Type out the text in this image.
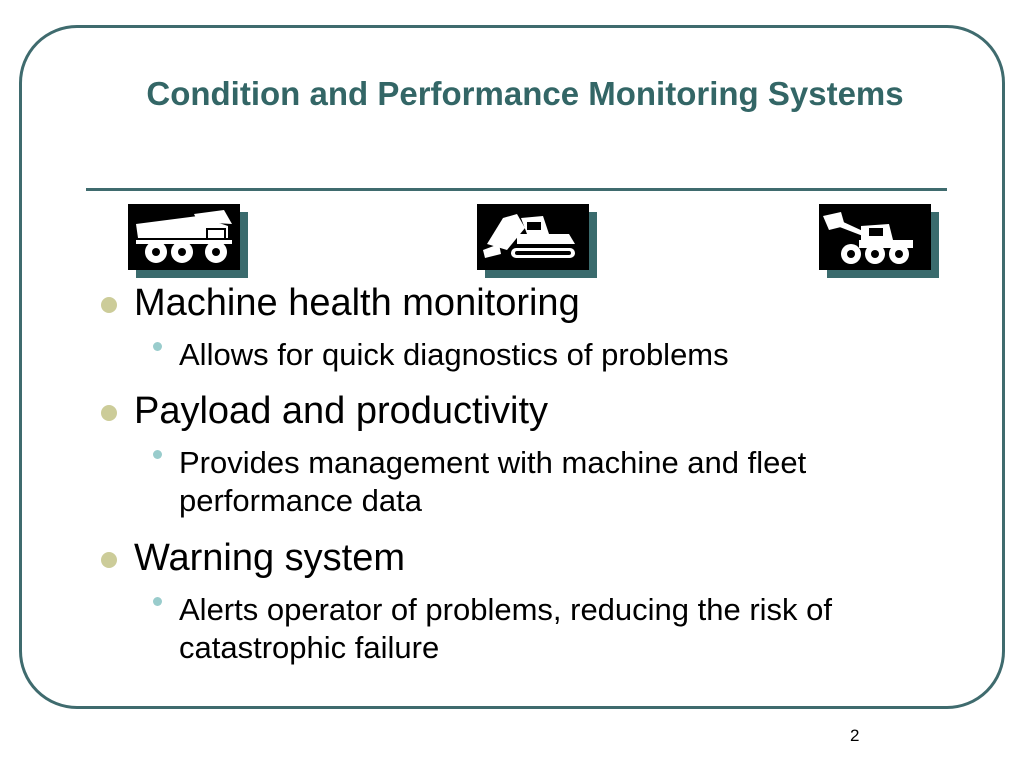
Condition and Performance Monitoring Systems
Machine health monitoring
Allows for quick diagnostics of problems
Payload and productivity
Provides management with machine and fleet performance data
Warning system
Alerts operator of problems, reducing the risk of catastrophic failure
2
